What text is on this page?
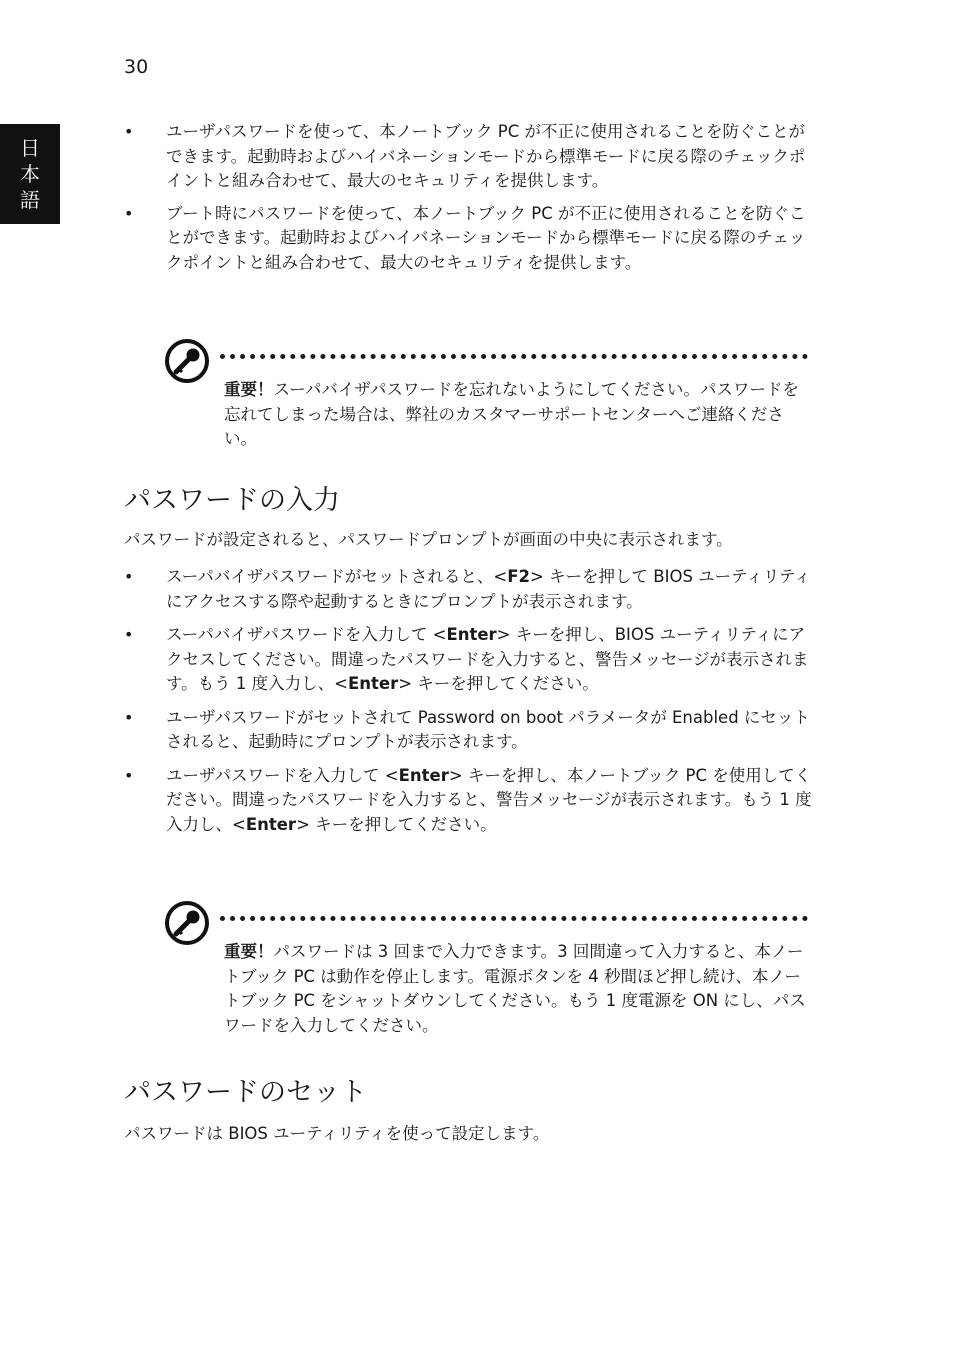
30
日
本
語
• ユーザパスワードを使って、本ノートブック PC が不正に使用されることを防ぐことができます。起動時およびハイバネーションモードから標準モードに戻る際のチェックポイントと組み合わせて、最大のセキュリティを提供します。
• ブート時にパスワードを使って、本ノートブック PC が不正に使用されることを防ぐことができます。起動時およびハイバネーションモードから標準モードに戻る際のチェックポイントと組み合わせて、最大のセキュリティを提供します。
重要！スーパバイザパスワードを忘れないようにしてください。パスワードを忘れてしまった場合は、弊社のカスタマーサポートセンターへご連絡ください。
パスワードの入力

パスワードが設定されると、パスワードプロンプトが画面の中央に表示されます。

• スーパバイザパスワードがセットされると、<F2> キーを押して BIOS ユーティリティにアクセスする際や起動するときにプロンプトが表示されます。
• スーパバイザパスワードを入力して <Enter> キーを押し、BIOS ユーティリティにアクセスしてください。間違ったパスワードを入力すると、警告メッセージが表示されます。もう 1 度入力し、<Enter> キーを押してください。
• ユーザパスワードがセットされて Password on boot パラメータが Enabled にセットされると、起動時にプロンプトが表示されます。
• ユーザパスワードを入力して <Enter> キーを押し、本ノートブック PC を使用してください。間違ったパスワードを入力すると、警告メッセージが表示されます。もう 1 度入力し、<Enter> キーを押してください。
重要！パスワードは 3 回まで入力できます。3 回間違って入力すると、本ノートブック PC は動作を停止します。電源ボタンを 4 秒間ほど押し続け、本ノートブック PC をシャットダウンしてください。もう 1 度電源を ON にし、パスワードを入力してください。
パスワードのセット

パスワードは BIOS ユーティリティを使って設定します。
